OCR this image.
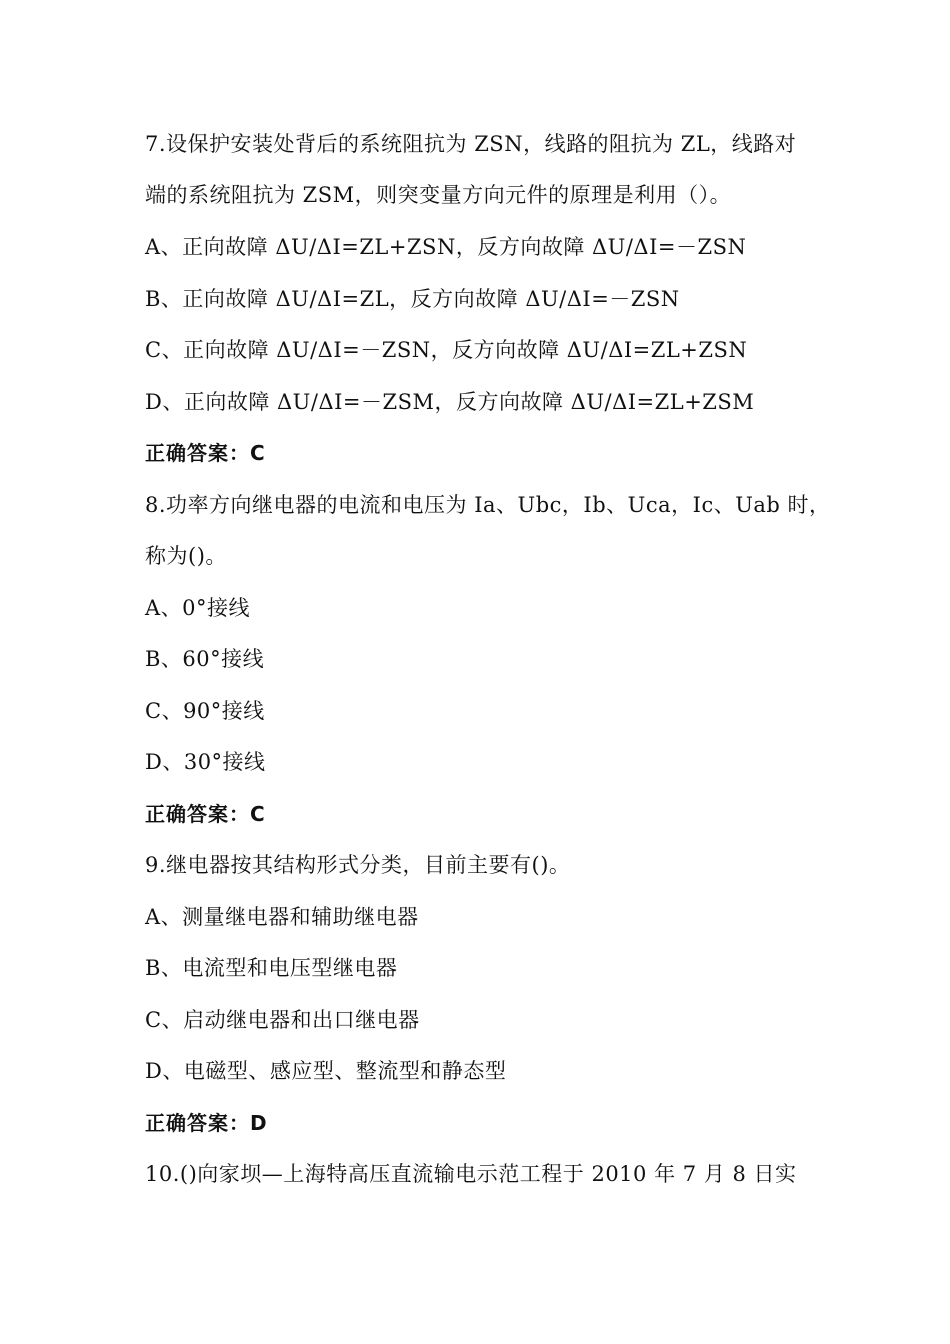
7.设保护安装处背后的系统阻抗为 ZSN，线路的阻抗为 ZL，线路对

端的系统阻抗为 ZSM，则突变量方向元件的原理是利用（）。

A、正向故障 ΔU/ΔI=ZL+ZSN，反方向故障 ΔU/ΔI=－ZSN

B、正向故障 ΔU/ΔI=ZL，反方向故障 ΔU/ΔI=－ZSN

C、正向故障 ΔU/ΔI=－ZSN，反方向故障 ΔU/ΔI=ZL+ZSN

D、正向故障 ΔU/ΔI=－ZSM，反方向故障 ΔU/ΔI=ZL+ZSM

正确答案：C

8.功率方向继电器的电流和电压为 Ia、Ubc，Ib、Uca，Ic、Uab 时，

称为()。

A、0°接线

B、60°接线

C、90°接线

D、30°接线

正确答案：C

9.继电器按其结构形式分类，目前主要有()。

A、测量继电器和辅助继电器

B、电流型和电压型继电器

C、启动继电器和出口继电器

D、电磁型、感应型、整流型和静态型

正确答案：D

10.()向家坝—上海特高压直流输电示范工程于 2010 年 7 月 8 日实
